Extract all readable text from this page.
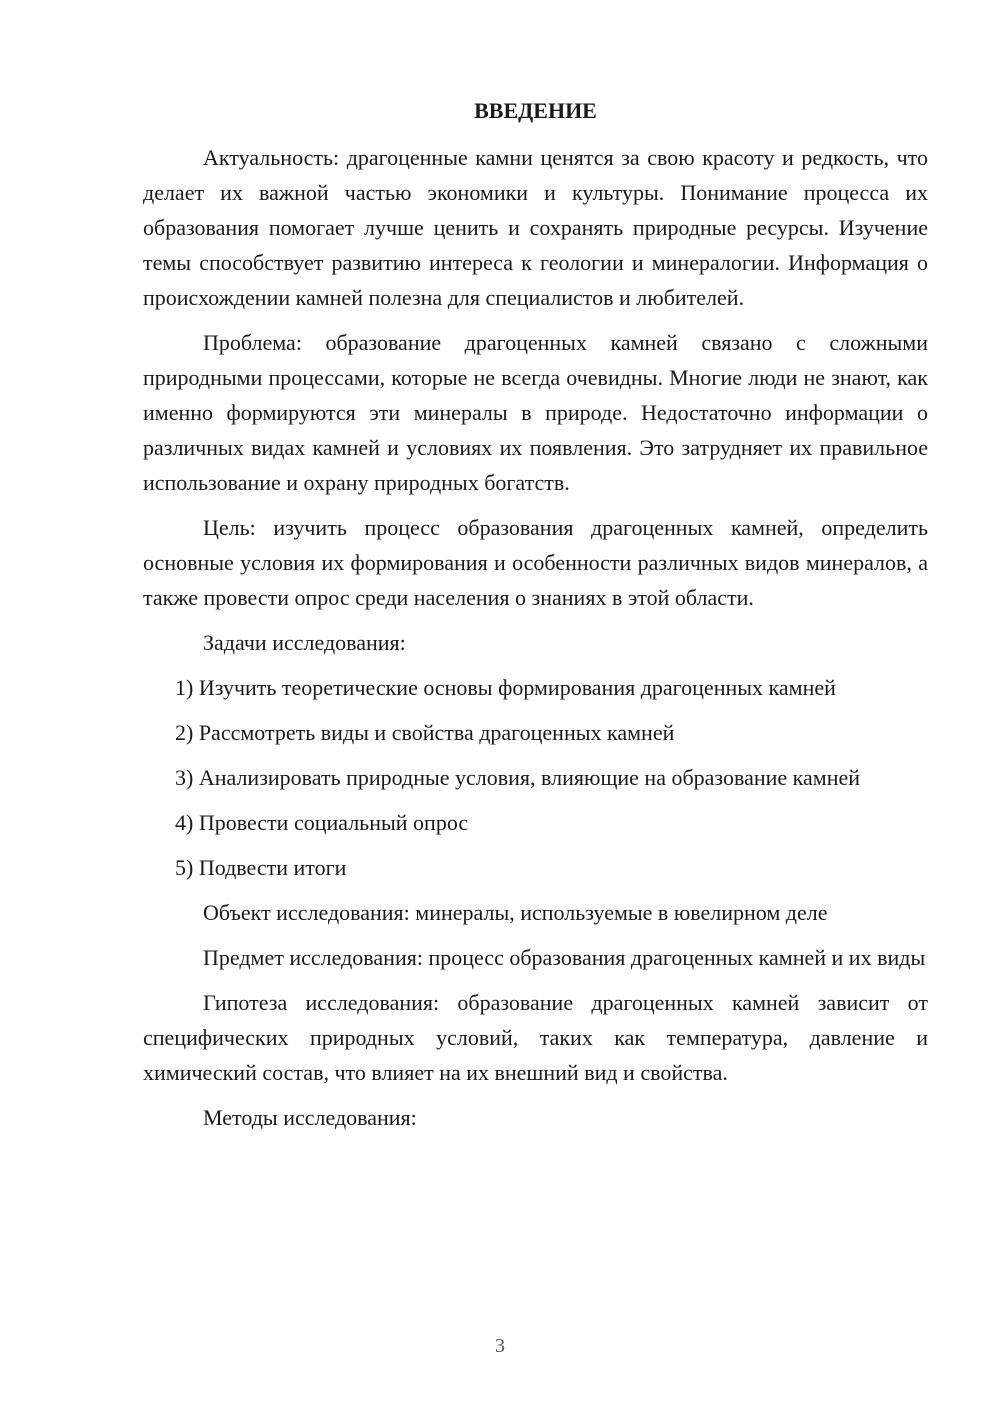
ВВЕДЕНИЕ

Актуальность: драгоценные камни ценятся за свою красоту и редкость, что делает их важной частью экономики и культуры. Понимание процесса их образования помогает лучше ценить и сохранять природные ресурсы. Изучение темы способствует развитию интереса к геологии и минералогии. Информация о происхождении камней полезна для специалистов и любителей.

Проблема: образование драгоценных камней связано с сложными природными процессами, которые не всегда очевидны. Многие люди не знают, как именно формируются эти минералы в природе. Недостаточно информации о различных видах камней и условиях их появления. Это затрудняет их правильное использование и охрану природных богатств.

Цель: изучить процесс образования драгоценных камней, определить основные условия их формирования и особенности различных видов минералов, а также провести опрос среди населения о знаниях в этой области.

Задачи исследования:

1) Изучить теоретические основы формирования драгоценных камней

2) Рассмотреть виды и свойства драгоценных камней

3) Анализировать природные условия, влияющие на образование камней

4) Провести социальный опрос

5) Подвести итоги

Объект исследования: минералы, используемые в ювелирном деле

Предмет исследования: процесс образования драгоценных камней и их виды

Гипотеза исследования: образование драгоценных камней зависит от специфических природных условий, таких как температура, давление и химический состав, что влияет на их внешний вид и свойства.

Методы исследования:

3
